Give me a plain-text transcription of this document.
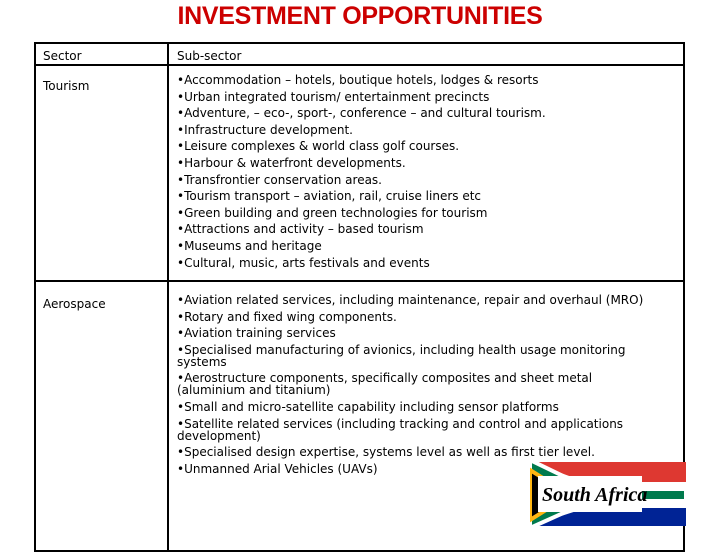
INVESTMENT OPPORTUNITIES
Sector	Sub-sector
Tourism	•Accommodation – hotels, boutique hotels, lodges & resorts
•Urban integrated tourism/ entertainment precincts
•Adventure, – eco-, sport-, conference – and cultural tourism.
•Infrastructure development.
•Leisure complexes & world class golf courses.
•Harbour & waterfront developments.
•Transfrontier conservation areas.
•Tourism transport – aviation, rail, cruise liners etc
•Green building and green technologies for tourism
•Attractions and activity – based tourism
•Museums and heritage
•Cultural, music, arts festivals and events
Aerospace	•Aviation related services, including maintenance, repair and overhaul (MRO)
•Rotary and fixed wing components.
•Aviation training services
•Specialised manufacturing of avionics, including health usage monitoring systems
•Aerostructure components, specifically composites and sheet metal (aluminium and titanium)
•Small and micro-satellite capability including sensor platforms
•Satellite related services (including tracking and control and applications development)
•Specialised design expertise, systems level as well as first tier level.
•Unmanned Arial Vehicles (UAVs)
South Africa
